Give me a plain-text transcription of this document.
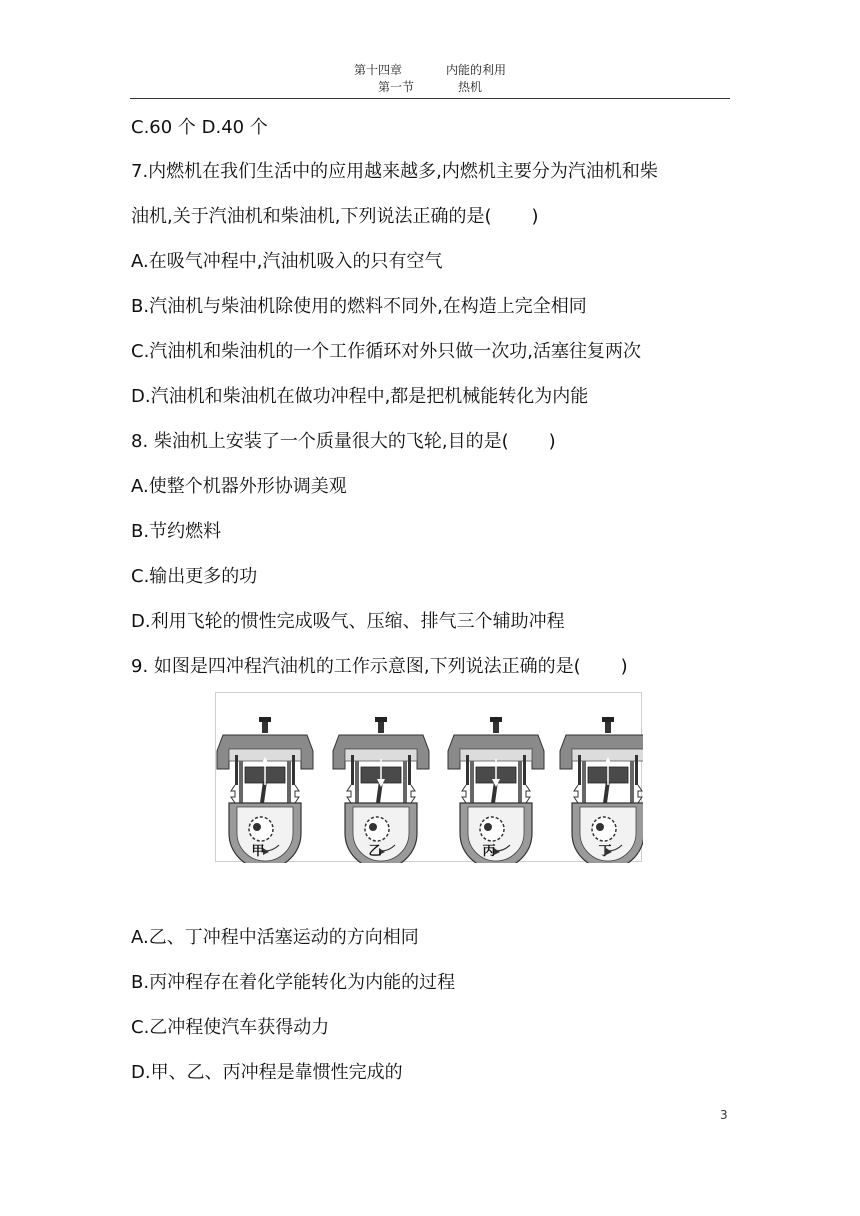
第十四章	内能的利用
第一节	热机
C.60 个 D.40 个
7.内燃机在我们生活中的应用越来越多,内燃机主要分为汽油机和柴
油机,关于汽油机和柴油机,下列说法正确的是( )
A.在吸气冲程中,汽油机吸入的只有空气
B.汽油机与柴油机除使用的燃料不同外,在构造上完全相同
C.汽油机和柴油机的一个工作循环对外只做一次功,活塞往复两次
D.汽油机和柴油机在做功冲程中,都是把机械能转化为内能
8. 柴油机上安装了一个质量很大的飞轮,目的是( )
A.使整个机器外形协调美观
B.节约燃料
C.输出更多的功
D.利用飞轮的惯性完成吸气、压缩、排气三个辅助冲程
9. 如图是四冲程汽油机的工作示意图,下列说法正确的是( )
甲	乙	丙	丁
A.乙、丁冲程中活塞运动的方向相同
B.丙冲程存在着化学能转化为内能的过程
C.乙冲程使汽车获得动力
D.甲、乙、丙冲程是靠惯性完成的
3
